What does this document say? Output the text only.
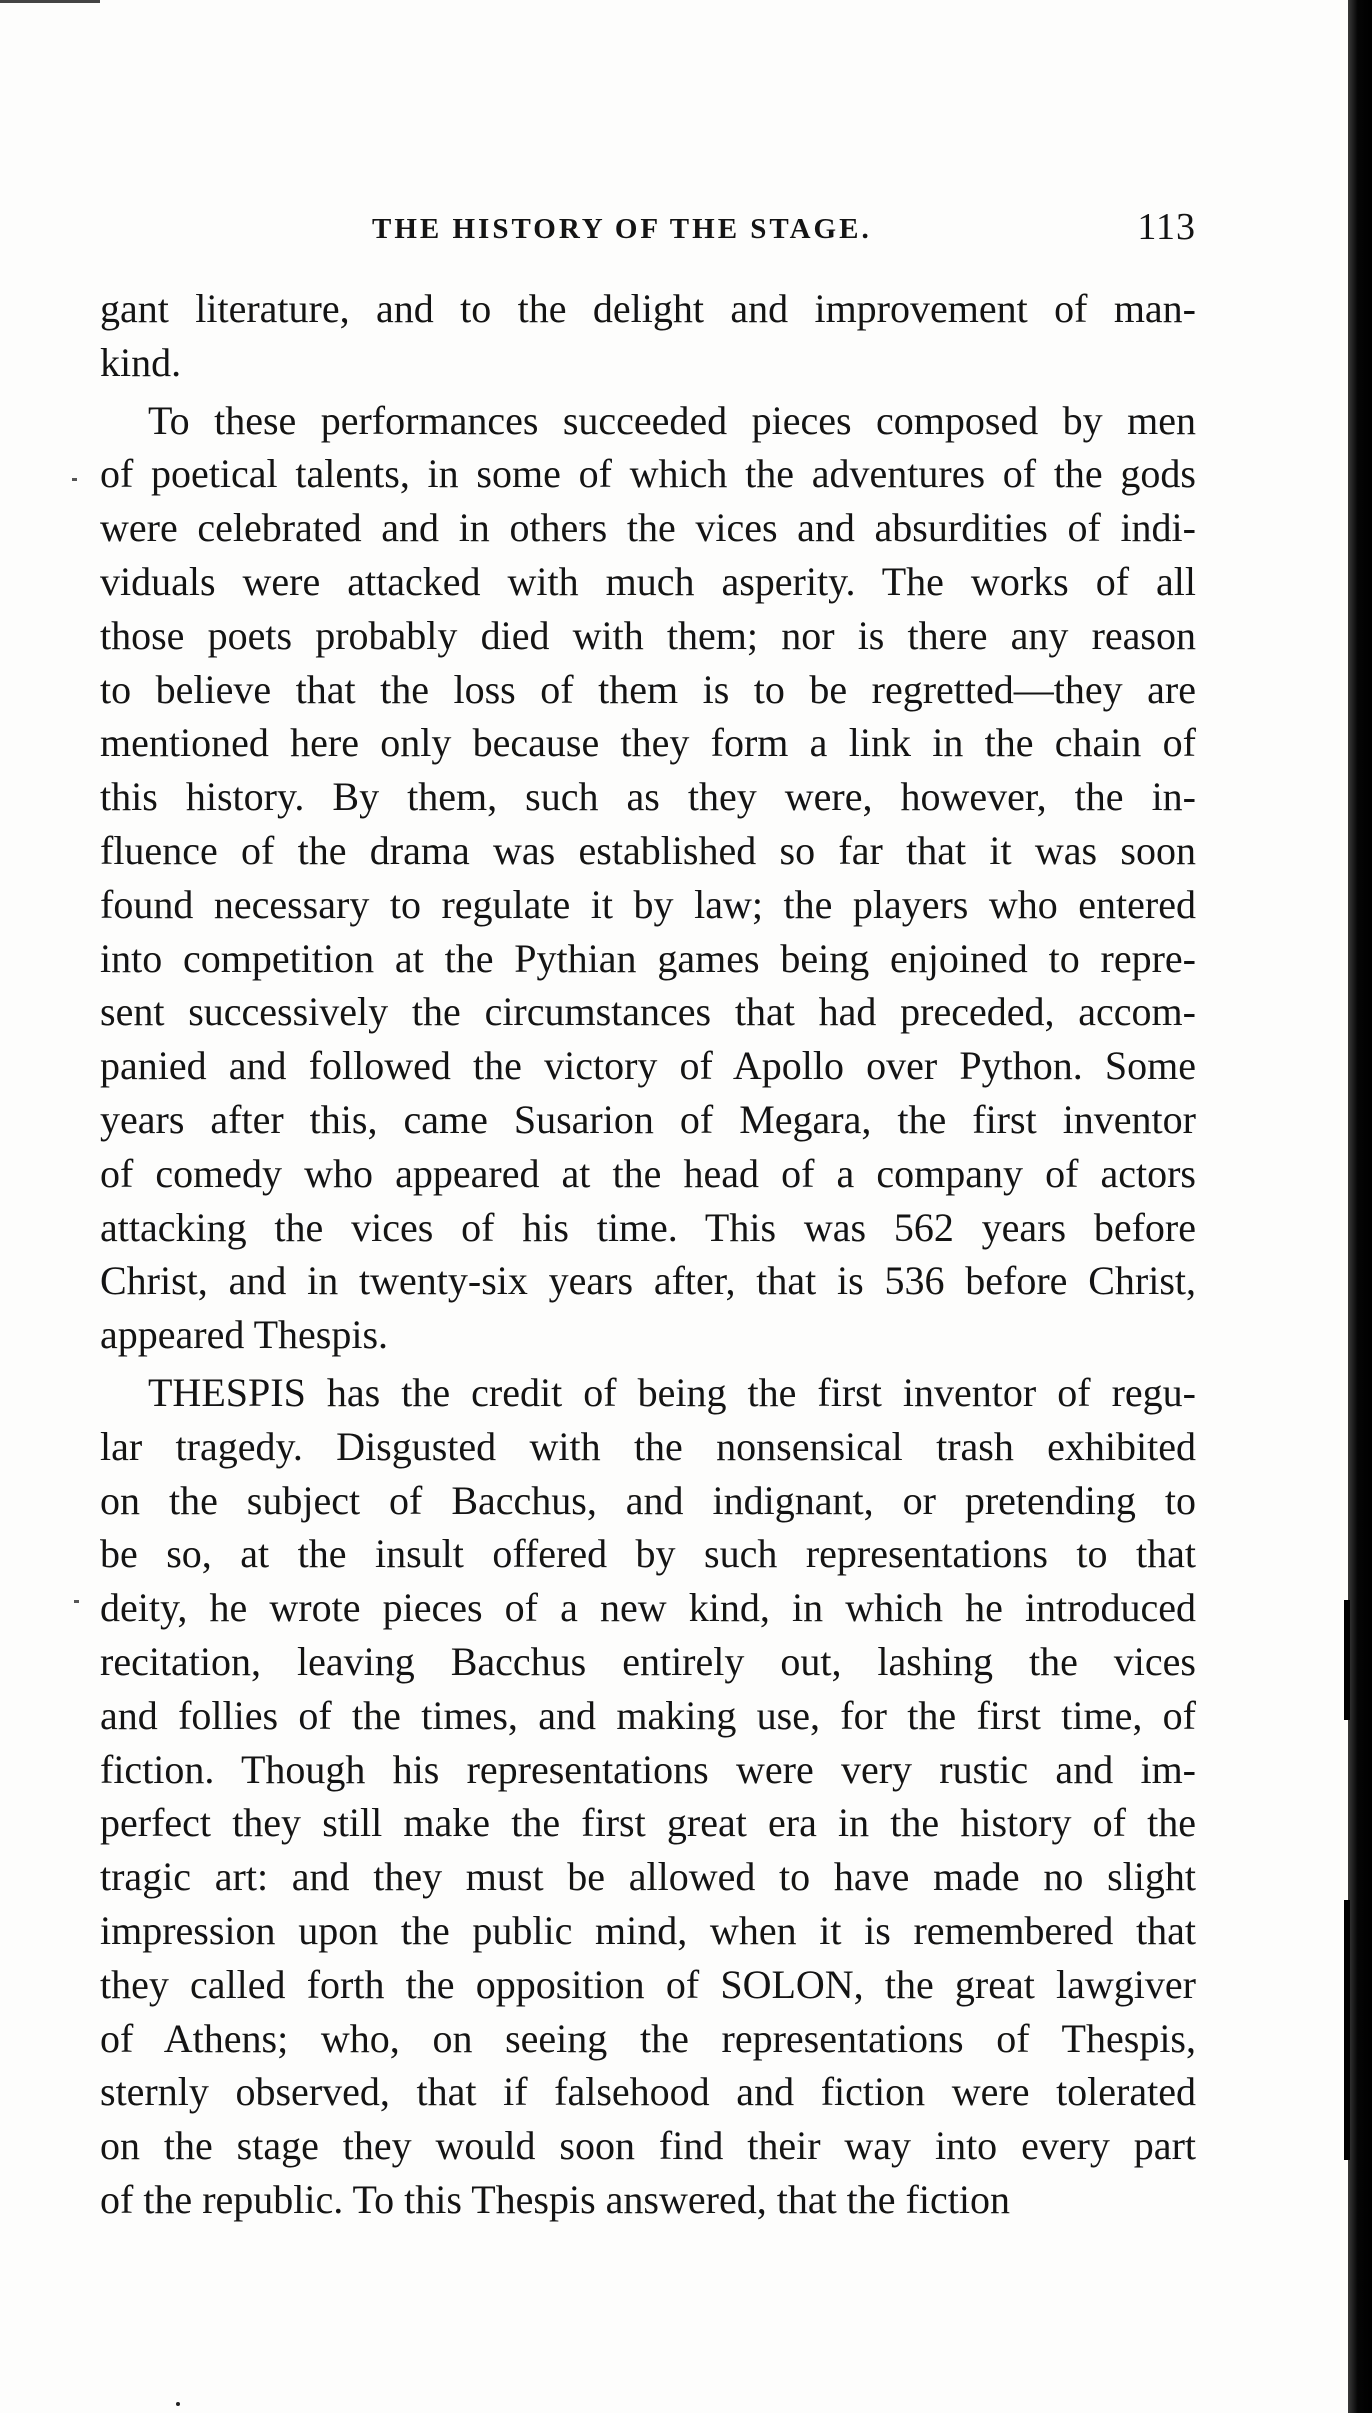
THE HISTORY OF THE STAGE.	113
gant literature, and to the delight and improvement of man-
kind.
To these performances succeeded pieces composed by men
of poetical talents, in some of which the adventures of the gods
were celebrated and in others the vices and absurdities of indi-
viduals were attacked with much asperity. The works of all
those poets probably died with them; nor is there any reason
to believe that the loss of them is to be regretted—they are
mentioned here only because they form a link in the chain of
this history. By them, such as they were, however, the in-
fluence of the drama was established so far that it was soon
found necessary to regulate it by law; the players who entered
into competition at the Pythian games being enjoined to repre-
sent successively the circumstances that had preceded, accom-
panied and followed the victory of Apollo over Python. Some
years after this, came Susarion of Megara, the first inventor
of comedy who appeared at the head of a company of actors
attacking the vices of his time. This was 562 years before
Christ, and in twenty-six years after, that is 536 before Christ,
appeared Thespis.
THESPIS has the credit of being the first inventor of regu-
lar tragedy. Disgusted with the nonsensical trash exhibited
on the subject of Bacchus, and indignant, or pretending to
be so, at the insult offered by such representations to that
deity, he wrote pieces of a new kind, in which he introduced
recitation, leaving Bacchus entirely out, lashing the vices
and follies of the times, and making use, for the first time, of
fiction. Though his representations were very rustic and im-
perfect they still make the first great era in the history of the
tragic art: and they must be allowed to have made no slight
impression upon the public mind, when it is remembered that
they called forth the opposition of SOLON, the great lawgiver
of Athens; who, on seeing the representations of Thespis,
sternly observed, that if falsehood and fiction were tolerated
on the stage they would soon find their way into every part
of the republic. To this Thespis answered, that the fiction
